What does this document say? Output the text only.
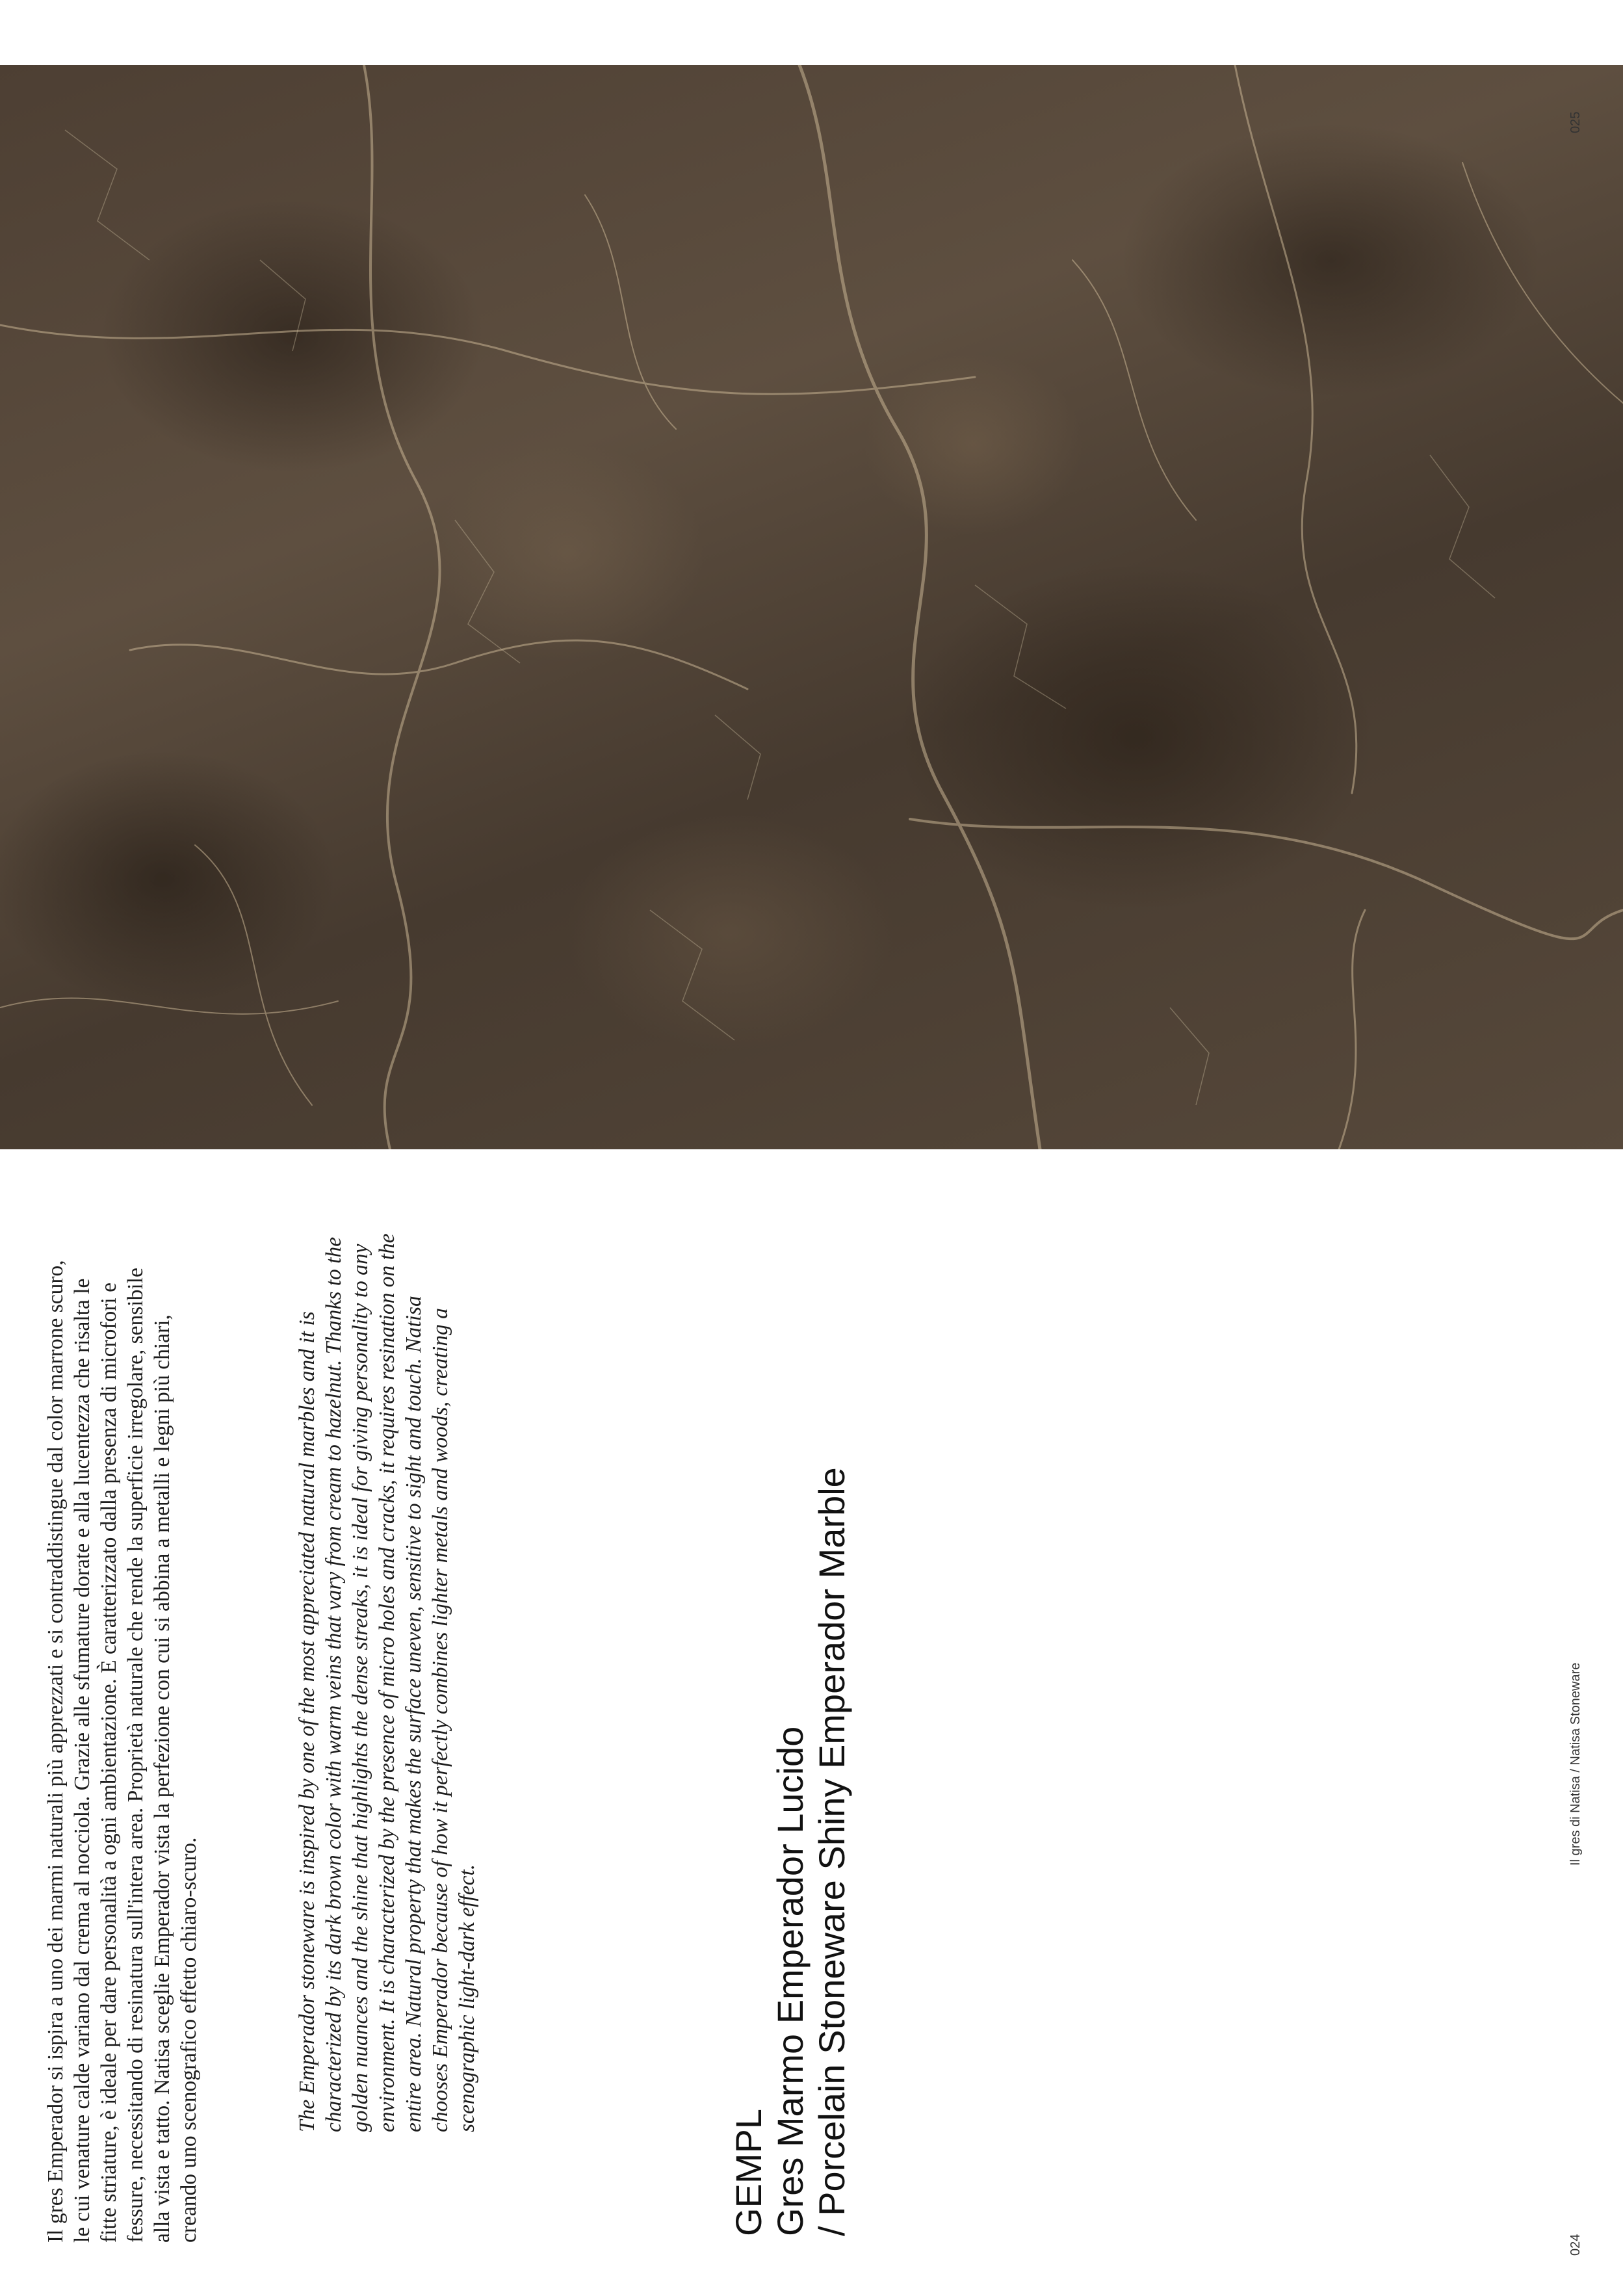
025
Il gres di Natisa / Natisa Stoneware
024
Il gres Emperador si ispira a uno dei marmi naturali più apprezzati e si contraddistingue dal color marrone scuro, le cui venature calde variano dal crema al nocciola. Grazie alle sfumature dorate e alla lucentezza che risalta le fitte striature, è ideale per dare personalità a ogni ambientazione. È caratterizzato dalla presenza di microfori e fessure, necessitando di resinatura sull'intera area. Proprietà naturale che rende la superficie irregolare, sensibile alla vista e tatto. Natisa sceglie Emperador vista la perfezione con cui si abbina a metalli e legni più chiari, creando uno scenografico effetto chiaro-scuro.	The Emperador stoneware is inspired by one of the most appreciated natural marbles and it is characterized by its dark brown color with warm veins that vary from cream to hazelnut. Thanks to the golden nuances and the shine that highlights the dense streaks, it is ideal for giving personality to any environment. It is characterized by the presence of micro holes and cracks, it requires resination on the entire area. Natural property that makes the surface uneven, sensitive to sight and touch. Natisa chooses Emperador because of how it perfectly combines lighter metals and woods, creating a scenographic light-dark effect.
GEMPL Gres Marmo Emperador Lucido / Porcelain Stoneware Shiny Emperador Marble
